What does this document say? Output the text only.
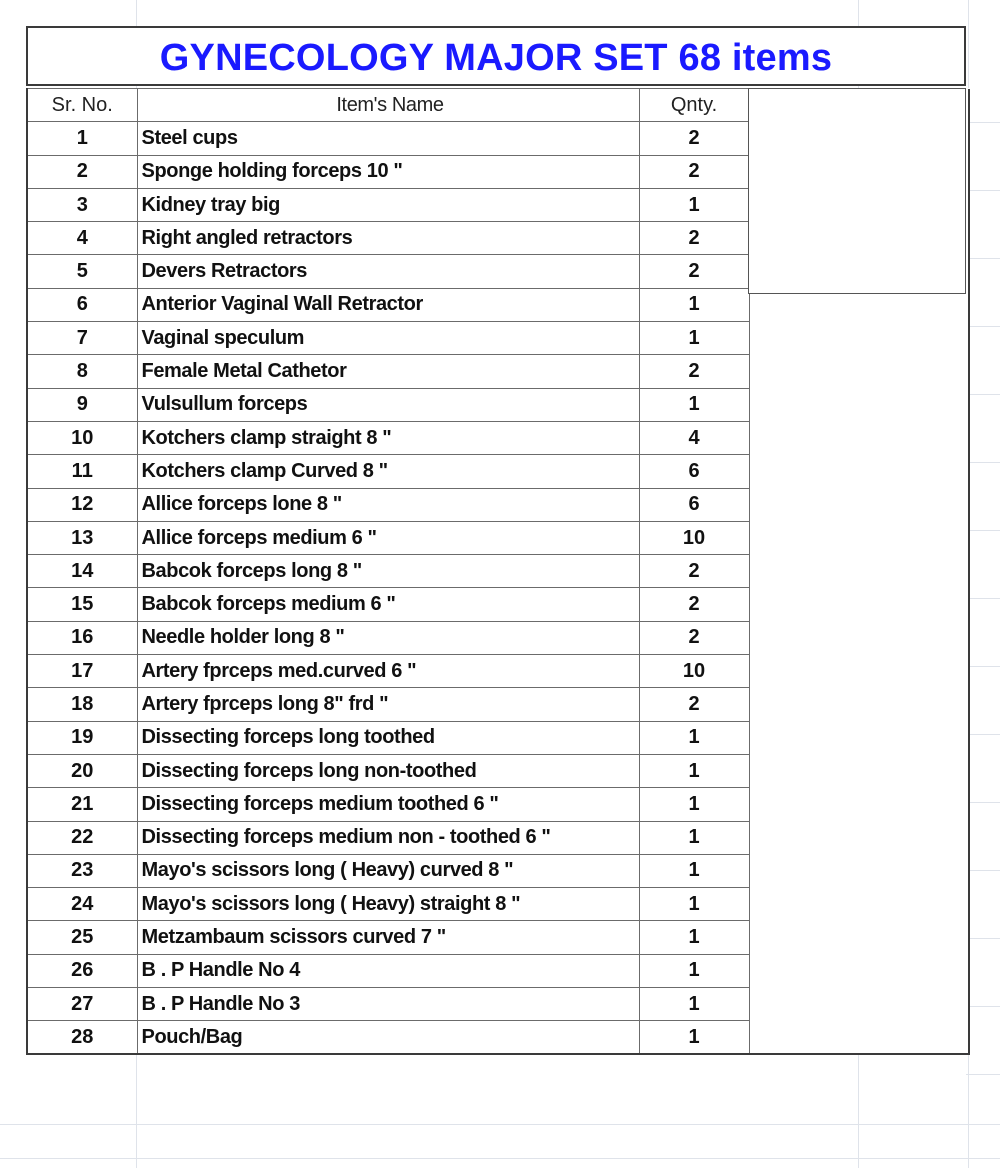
GYNECOLOGY MAJOR SET 68 items
Sr. No.	Item's Name	Qnty.	
1	Steel cups	2	
2	Sponge holding forceps 10 "	2	
3	Kidney tray big	1	
4	Right angled retractors	2	
5	Devers Retractors	2	
6	Anterior Vaginal Wall Retractor	1	
7	Vaginal speculum	1	
8	Female Metal Cathetor	2	
9	Vulsullum forceps	1	
10	Kotchers clamp straight 8 "	4	
11	Kotchers clamp Curved 8 "	6	
12	Allice forceps lone 8 "	6	
13	Allice forceps medium 6 "	10	
14	Babcok forceps long 8 "	2	
15	Babcok forceps medium 6 "	2	
16	Needle holder long 8 "	2	
17	Artery fprceps med.curved 6 "	10	
18	Artery fprceps long 8" frd "	2	
19	Dissecting forceps long toothed	1	
20	Dissecting forceps long non-toothed	1	
21	Dissecting forceps medium toothed 6 "	1	
22	Dissecting forceps medium non - toothed 6 "	1	
23	Mayo's scissors long ( Heavy) curved 8 "	1	
24	Mayo's scissors long ( Heavy) straight 8 "	1	
25	Metzambaum scissors curved 7 "	1	
26	B . P Handle No 4	1	
27	B . P Handle No 3	1	
28	Pouch/Bag	1	
